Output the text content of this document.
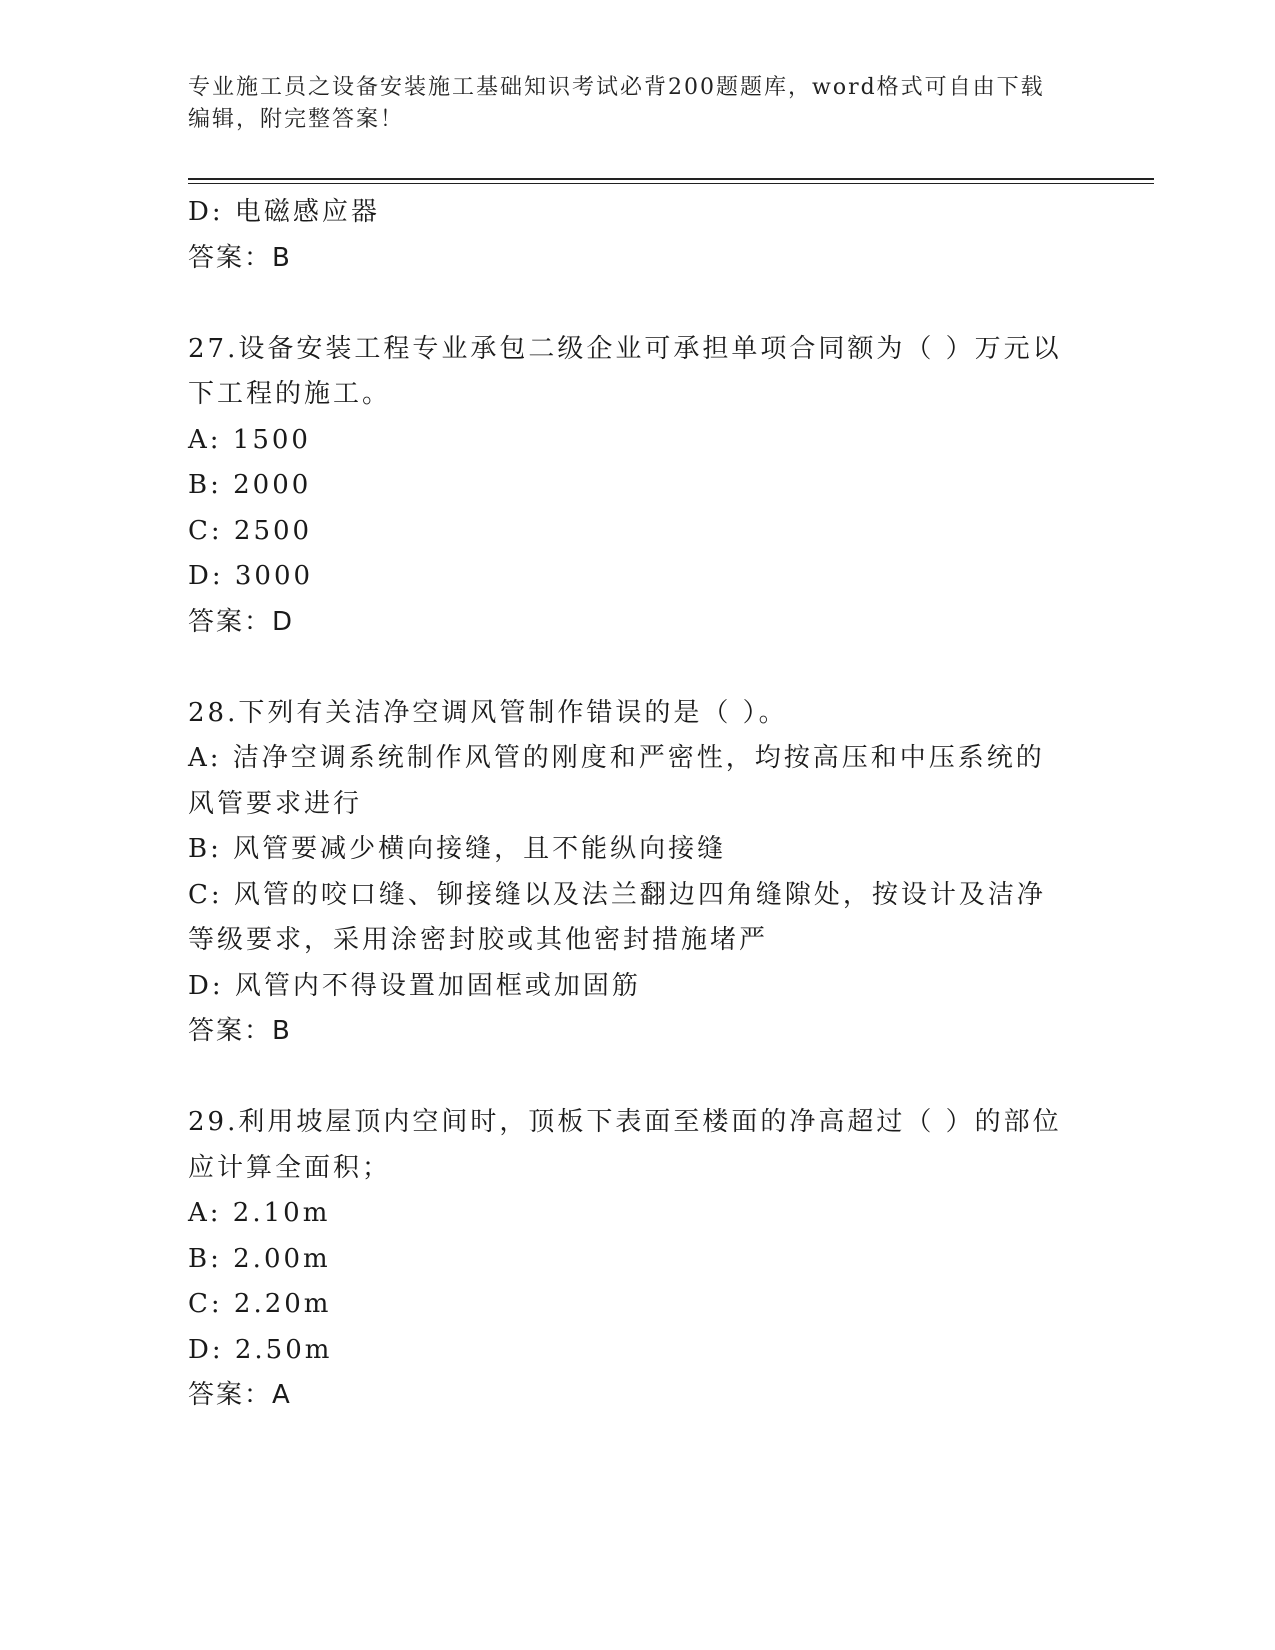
专业施工员之设备安装施工基础知识考试必背200题题库，word格式可自由下载
编辑，附完整答案！
D: 电磁感应器
答案：B
27.设备安装工程专业承包二级企业可承担单项合同额为（ ）万元以下工程的施工。
A: 1500
B: 2000
C: 2500
D: 3000
答案：D
28.下列有关洁净空调风管制作错误的是（ ）。
A: 洁净空调系统制作风管的刚度和严密性，均按高压和中压系统的风管要求进行
B: 风管要减少横向接缝，且不能纵向接缝
C: 风管的咬口缝、铆接缝以及法兰翻边四角缝隙处，按设计及洁净等级要求，采用涂密封胶或其他密封措施堵严
D: 风管内不得设置加固框或加固筋
答案：B
29.利用坡屋顶内空间时，顶板下表面至楼面的净高超过（ ）的部位应计算全面积；
A: 2.10m
B: 2.00m
C: 2.20m
D: 2.50m
答案：A
